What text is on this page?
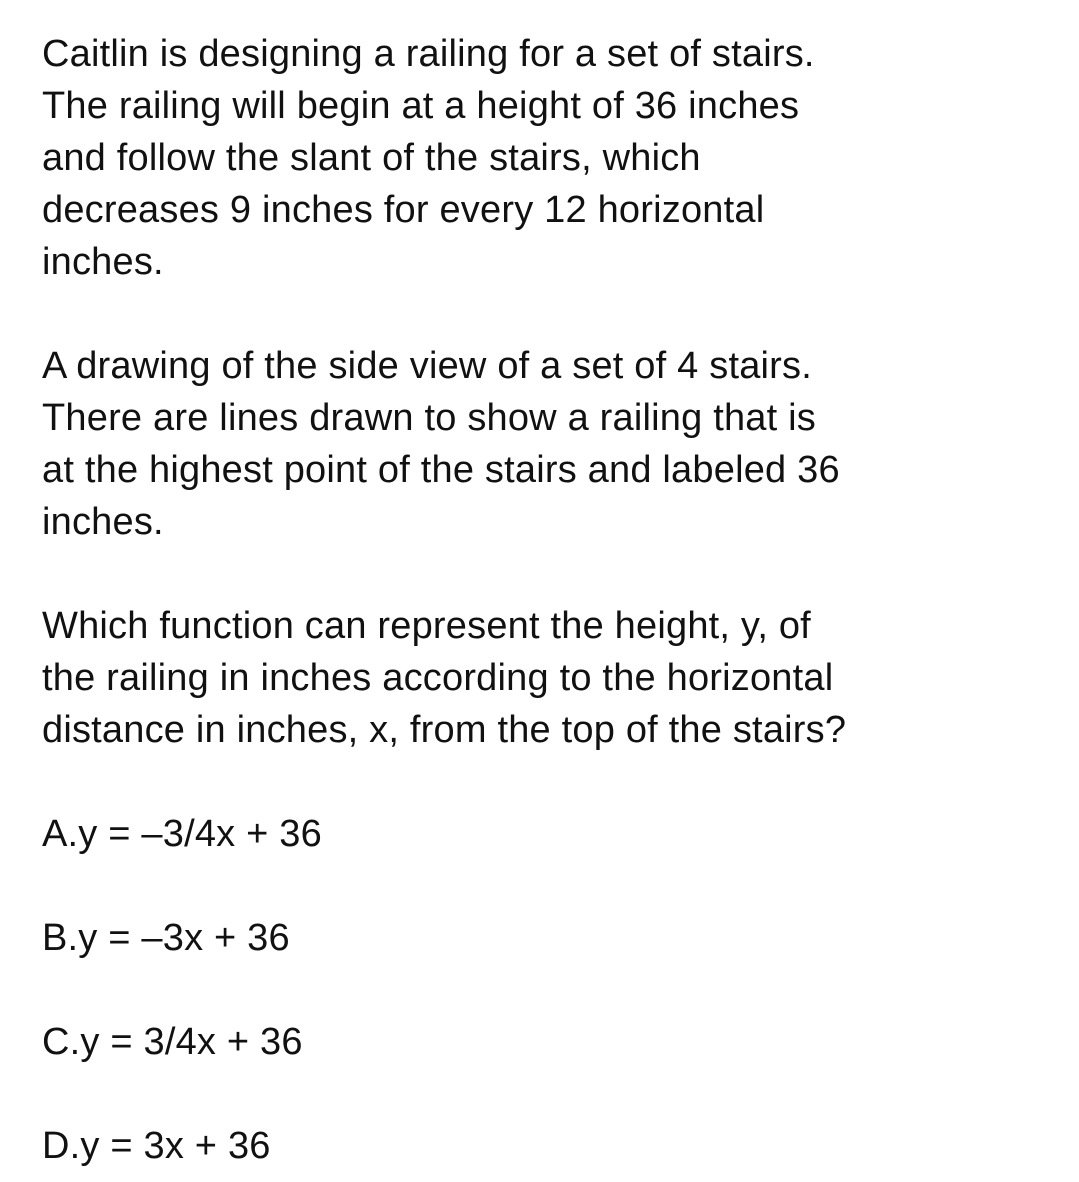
Caitlin is designing a railing for a set of stairs.
The railing will begin at a height of 36 inches
and follow the slant of the stairs, which
decreases 9 inches for every 12 horizontal
inches.
A drawing of the side view of a set of 4 stairs.
There are lines drawn to show a railing that is
at the highest point of the stairs and labeled 36
inches.
Which function can represent the height, y, of
the railing in inches according to the horizontal
distance in inches, x, from the top of the stairs?
A.y = –3/4x + 36
B.y = –3x + 36
C.y = 3/4x + 36
D.y = 3x + 36
